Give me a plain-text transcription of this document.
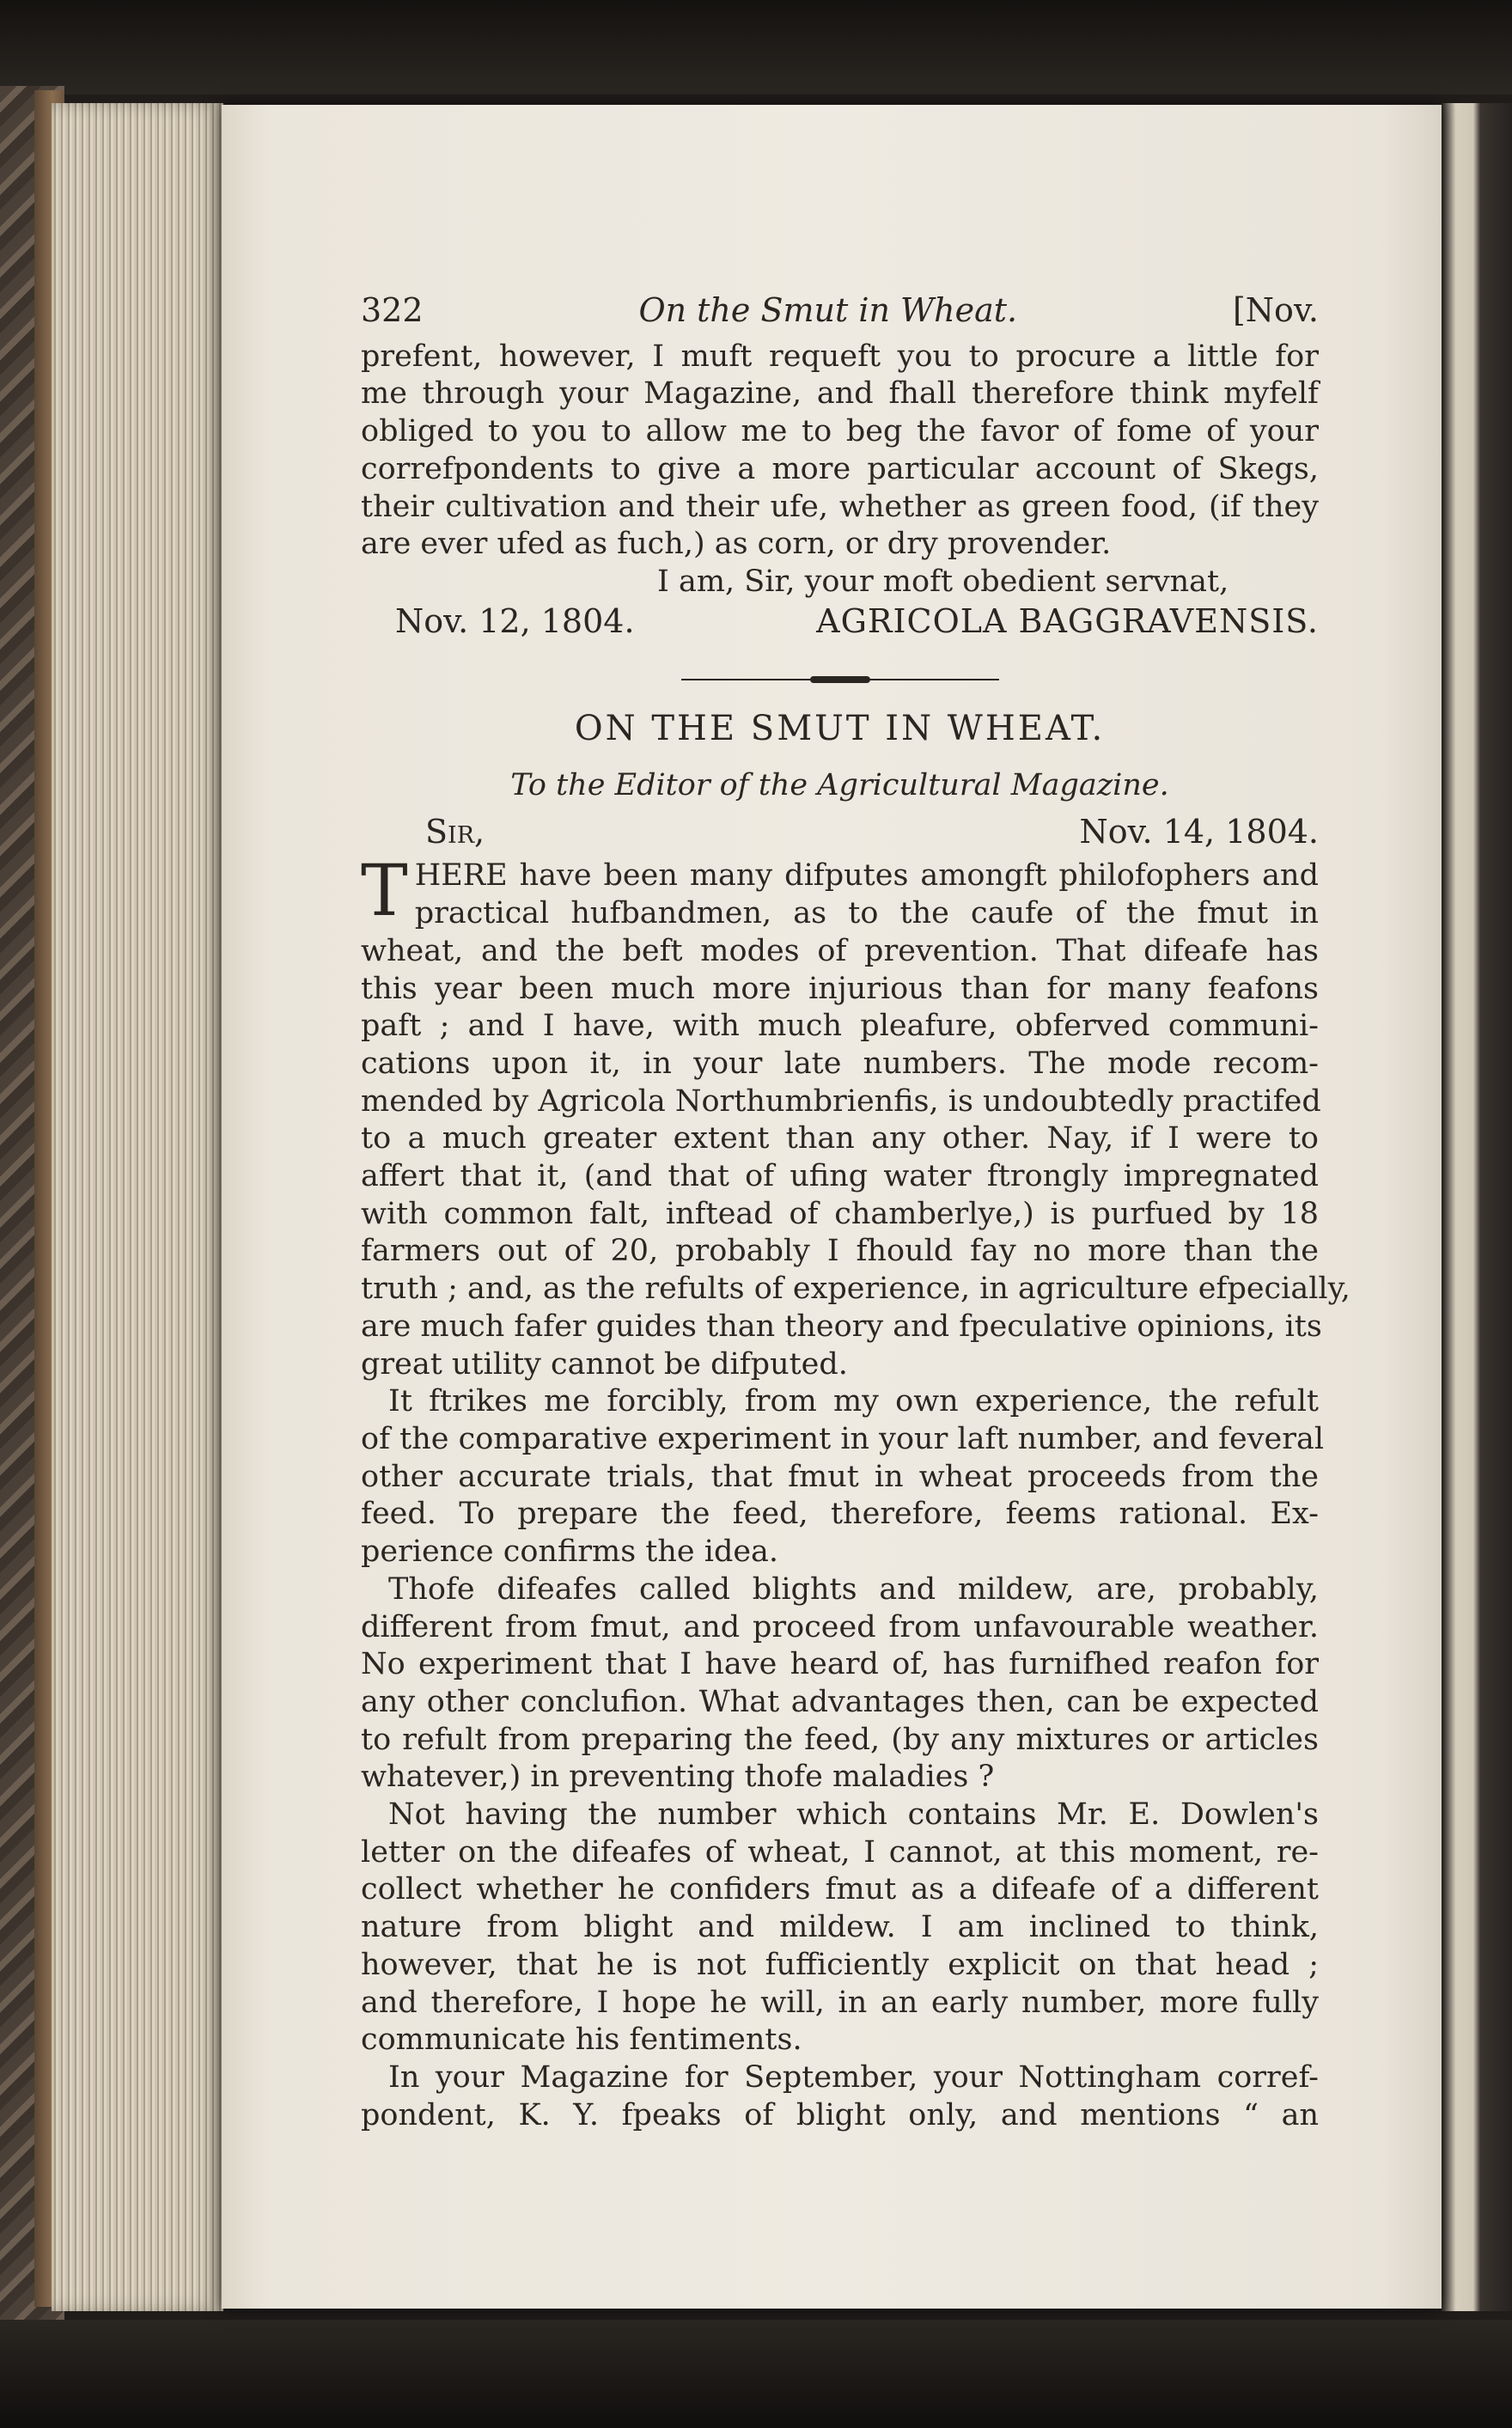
322	On the Smut in Wheat.	[Nov.
prefent, however, I muft requeft you to procure a little for
me through your Magazine, and fhall therefore think myfelf
obliged to you to allow me to beg the favor of fome of your
correfpondents to give a more particular account of Skegs,
their cultivation and their ufe, whether as green food, (if they
are ever ufed as fuch,) as corn, or dry provender.
I am, Sir, your moft obedient servnat,
Nov. 12, 1804.	AGRICOLA BAGGRAVENSIS.
ON THE SMUT IN WHEAT.
To the Editor of the Agricultural Magazine.
Sir,	Nov. 14, 1804.
T HERE have been many difputes amongft philofophers and
practical hufbandmen, as to the caufe of the fmut in
wheat, and the beft modes of prevention. That difeafe has
this year been much more injurious than for many feafons
paft ; and I have, with much pleafure, obferved communi-
cations upon it, in your late numbers. The mode recom-
mended by Agricola Northumbrienfis, is undoubtedly practifed
to a much greater extent than any other. Nay, if I were to
affert that it, (and that of ufing water ftrongly impregnated
with common falt, inftead of chamberlye,) is purfued by 18
farmers out of 20, probably I fhould fay no more than the
truth ; and, as the refults of experience, in agriculture efpecially,
are much fafer guides than theory and fpeculative opinions, its
great utility cannot be difputed.
It ftrikes me forcibly, from my own experience, the refult
of the comparative experiment in your laft number, and feveral
other accurate trials, that fmut in wheat proceeds from the
feed. To prepare the feed, therefore, feems rational. Ex-
perience confirms the idea.
Thofe difeafes called blights and mildew, are, probably,
different from fmut, and proceed from unfavourable weather.
No experiment that I have heard of, has furnifhed reafon for
any other conclufion. What advantages then, can be expected
to refult from preparing the feed, (by any mixtures or articles
whatever,) in preventing thofe maladies ?
Not having the number which contains Mr. E. Dowlen's
letter on the difeafes of wheat, I cannot, at this moment, re-
collect whether he confiders fmut as a difeafe of a different
nature from blight and mildew. I am inclined to think,
however, that he is not fufficiently explicit on that head ;
and therefore, I hope he will, in an early number, more fully
communicate his fentiments.
In your Magazine for September, your Nottingham corref-
pondent, K. Y. fpeaks of blight only, and mentions “ an
